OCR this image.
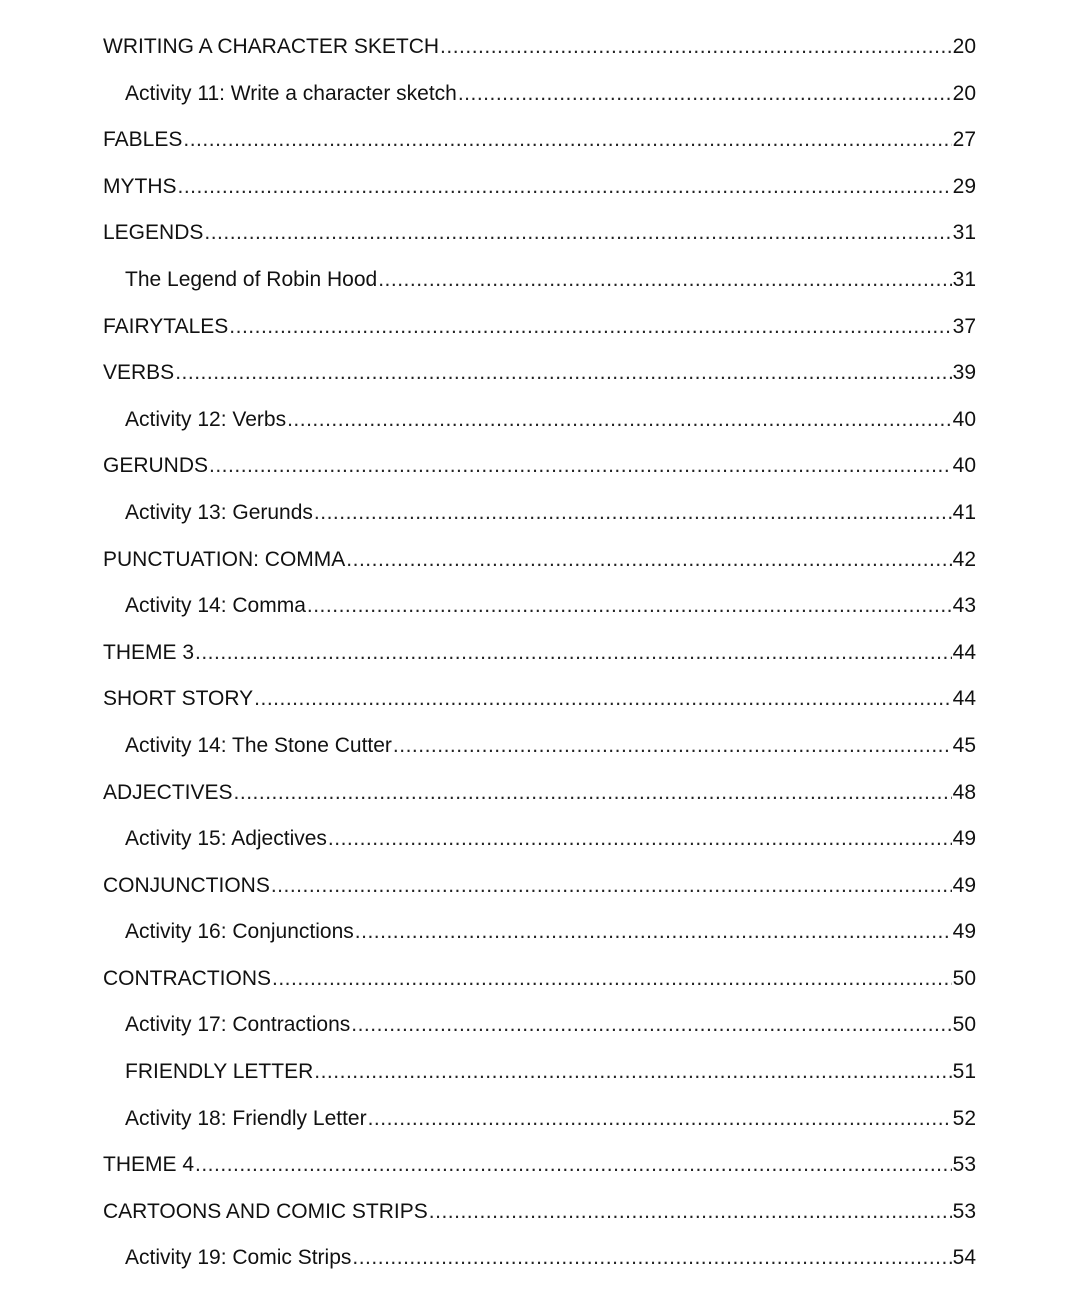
WRITING A CHARACTER SKETCH .....	20
Activity 11: Write a character sketch .....	20
FABLES .....	27
MYTHS .....	29
LEGENDS .....	31
The Legend of Robin Hood .....	31
FAIRYTALES .....	37
VERBS .....	39
Activity 12: Verbs .....	40
GERUNDS .....	40
Activity 13: Gerunds .....	41
PUNCTUATION: COMMA .....	42
Activity 14: Comma .....	43
THEME 3 .....	44
SHORT STORY .....	44
Activity 14: The Stone Cutter .....	45
ADJECTIVES .....	48
Activity 15: Adjectives .....	49
CONJUNCTIONS .....	49
Activity 16: Conjunctions .....	49
CONTRACTIONS .....	50
Activity 17: Contractions .....	50
FRIENDLY LETTER .....	51
Activity 18: Friendly Letter .....	52
THEME 4 .....	53
CARTOONS AND COMIC STRIPS .....	53
Activity 19: Comic Strips .....	54
